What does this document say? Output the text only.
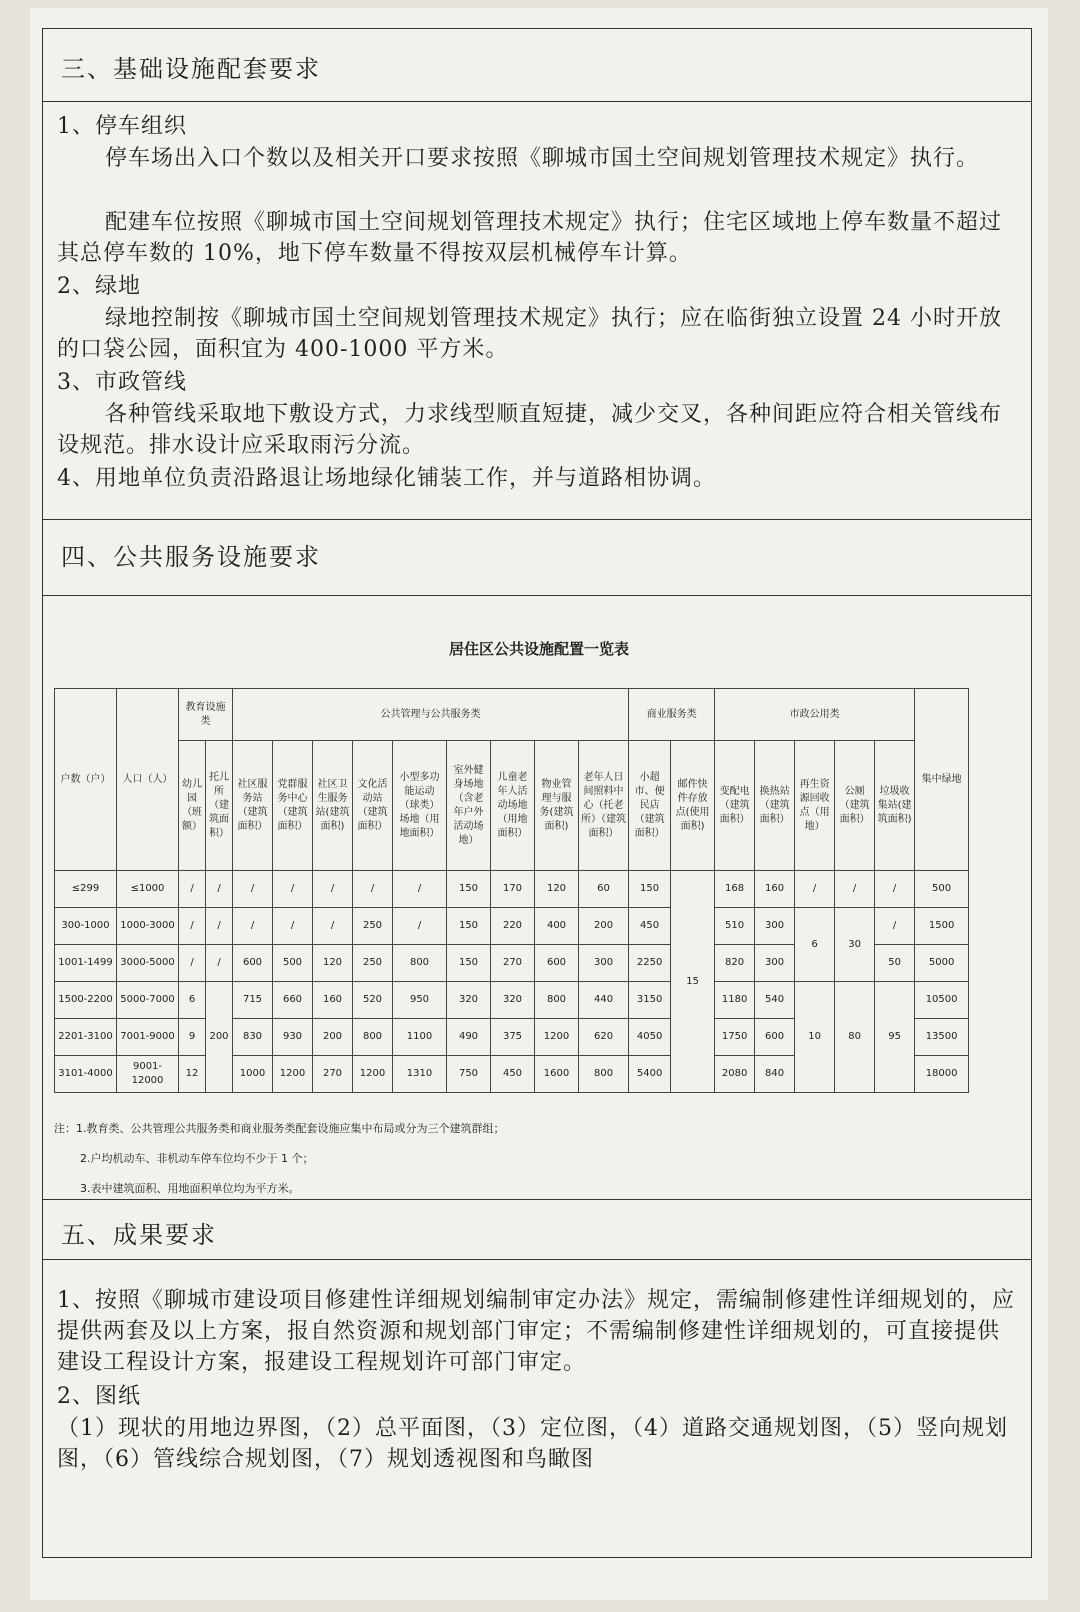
三、基础设施配套要求
1、停车组织

停车场出入口个数以及相关开口要求按照《聊城市国土空间规划管理技术规定》执行。

配建车位按照《聊城市国土空间规划管理技术规定》执行；住宅区域地上停车数量不超过其总停车数的 10%，地下停车数量不得按双层机械停车计算。

2、绿地

绿地控制按《聊城市国土空间规划管理技术规定》执行；应在临街独立设置 24 小时开放的口袋公园，面积宜为 400-1000 平方米。

3、市政管线

各种管线采取地下敷设方式，力求线型顺直短捷，减少交叉，各种间距应符合相关管线布设规范。排水设计应采取雨污分流。

4、用地单位负责沿路退让场地绿化铺装工作，并与道路相协调。
四、公共服务设施要求
五、成果要求

1、按照《聊城市建设项目修建性详细规划编制审定办法》规定，需编制修建性详细规划的，应提供两套及以上方案，报自然资源和规划部门审定；不需编制修建性详细规划的，可直接提供建设工程设计方案，报建设工程规划许可部门审定。

2、图纸

（1）现状的用地边界图，（2）总平面图，（3）定位图，（4）道路交通规划图，（5）竖向规划图，（6）管线综合规划图，（7）规划透视图和鸟瞰图

居住区公共设施配置一览表
户数（户）	人口（人）	教育设施类		公共管理与公共服务类									商业服务类		市政公用类					集中绿地
		幼儿园（班额）	托儿所（建筑面积）	社区服务站（建筑面积）	党群服务中心（建筑面积）	社区卫生服务站(建筑面积)	文化活动站（建筑面积）	小型多功能运动（球类）场地（用地面积）	室外健身场地（含老年户外活动场地）	儿童老年人活动场地（用地面积）	物业管理与服务(建筑面积)	老年人日间照料中心（托老所）（建筑面积）	小超市、便民店（建筑面积）	邮件快件存放点(使用面积)	变配电（建筑面积）	换热站（建筑面积）	再生资源回收点（用地）	公厕（建筑面积）	垃圾收集站(建筑面积)	
≤299	≤1000	/	/	/	/	/	/	/	150	170	120	60	150	15	168	160	/	/	/	500
300-1000	1000-3000	/	/	/	/	/	250	/	150	220	400	200	450		510	300	6	30	/	1500
1001-1499	3000-5000	/	/	600	500	120	250	800	150	270	600	300	2250		820	300			50	5000
1500-2200	5000-7000	6	200	715	660	160	520	950	320	320	800	440	3150		1180	540	10	80	95	10500
2201-3100	7001-9000	9		830	930	200	800	1100	490	375	1200	620	4050		1750	600				13500
3101-4000	9001-12000	12		1000	1200	270	1200	1310	750	450	1600	800	5400		2080	840				18000
注：1.教育类、公共管理公共服务类和商业服务类配套设施应集中布局或分为三个建筑群组；
2.户均机动车、非机动车停车位均不少于 1 个；
3.表中建筑面积、用地面积单位均为平方米。
